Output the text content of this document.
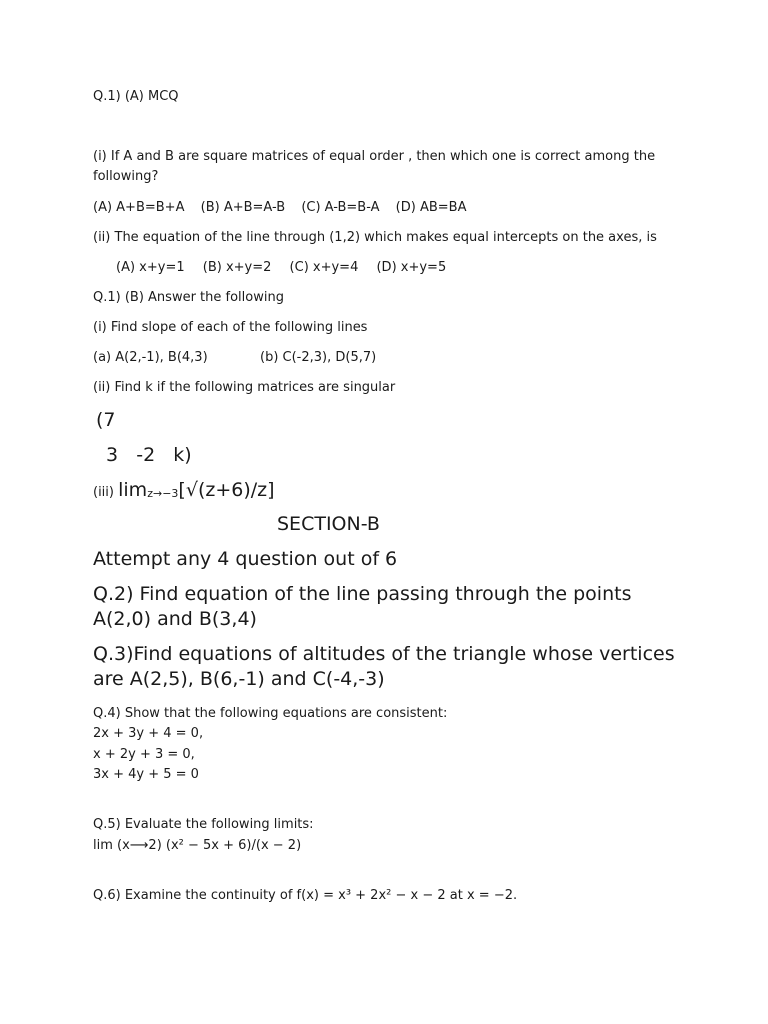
Q.1) (A) MCQ
(i) If A and B are square matrices of equal order , then which one is correct among the following?
(A) A+B=B+A (B) A+B=A-B (C) A-B=B-A (D) AB=BA
(ii) The equation of the line through (1,2) which makes equal intercepts on the axes, is
(A) x+y=1 (B) x+y=2 (C) x+y=4 (D) x+y=5
Q.1) (B) Answer the following
(i) Find slope of each of the following lines
(a) A(2,-1), B(4,3)	(b) C(-2,3), D(5,7)
(ii) Find k if the following matrices are singular
(7
3   -2   k)
(iii) limz→−3[√(z+6)/z]
SECTION-B
Attempt any 4 question out of 6
Q.2) Find equation of the line passing through the points A(2,0) and B(3,4)
Q.3)Find equations of altitudes of the triangle whose vertices are A(2,5), B(6,-1) and C(-4,-3)
Q.4) Show that the following equations are consistent:
2x + 3y + 4 = 0,
x + 2y + 3 = 0,
3x + 4y + 5 = 0
Q.5) Evaluate the following limits:
lim (x⟶2) (x² − 5x + 6)/(x − 2)
Q.6) Examine the continuity of f(x) = x³ + 2x² − x − 2 at x = −2.
